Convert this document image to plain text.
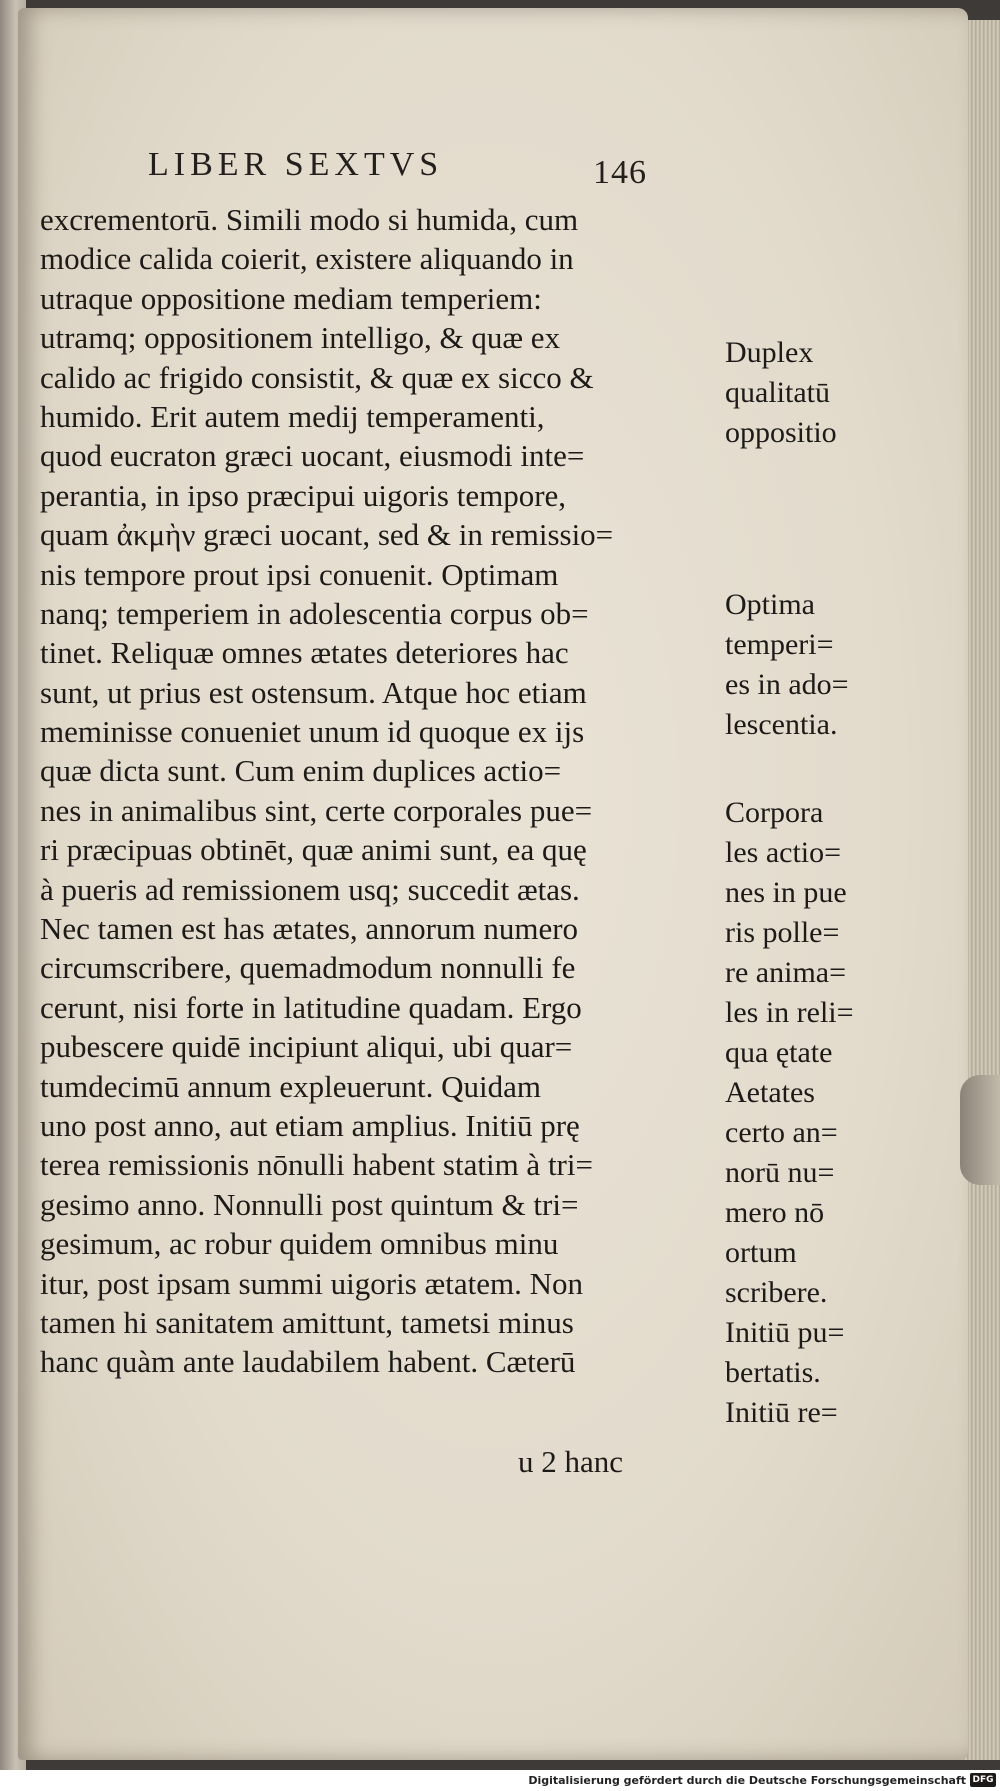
LIBER SEXTVS	146
excrementorū. Simili modo si humida, cum
modice calida coierit, existere aliquando in
utraque oppositione mediam temperiem:
utramq; oppositionem intelligo, & quæ ex
calido ac frigido consistit, & quæ ex sicco &
humido. Erit autem medij temperamenti,
quod eucraton græci uocant, eiusmodi inte=
perantia, in ipso præcipui uigoris tempore,
quam ἀκμὴν græci uocant, sed & in remissio=
nis tempore prout ipsi conuenit. Optimam
nanq; temperiem in adolescentia corpus ob=
tinet. Reliquæ omnes ætates deteriores hac
sunt, ut prius est ostensum. Atque hoc etiam
meminisse conueniet unum id quoque ex ijs
quæ dicta sunt. Cum enim duplices actio=
nes in animalibus sint, certe corporales pue=
ri præcipuas obtinēt, quæ animi sunt, ea quę
à pueris ad remissionem usq; succedit ætas.
Nec tamen est has ætates, annorum numero
circumscribere, quemadmodum nonnulli fe
cerunt, nisi forte in latitudine quadam. Ergo
pubescere quidē incipiunt aliqui, ubi quar=
tumdecimū annum expleuerunt. Quidam
uno post anno, aut etiam amplius. Initiū prę
terea remissionis nōnulli habent statim à tri=
gesimo anno. Nonnulli post quintum & tri=
gesimum, ac robur quidem omnibus minu
itur, post ipsam summi uigoris ætatem. Non
tamen hi sanitatem amittunt, tametsi minus
hanc quàm ante laudabilem habent. Cæterū
Duplex
qualitatū
oppositio
Optima
temperi=
es in ado=
lescentia.
Corpora
les actio=
nes in pue
ris polle=
re anima=
les in reli=
qua ętate
Aetates
certo an=
norū nu=
mero nō
ortum
scribere.
Initiū pu=
bertatis.
Initiū re=
u 2 hanc
Digitalisierung gefördert durch die Deutsche Forschungsgemeinschaft DFG
